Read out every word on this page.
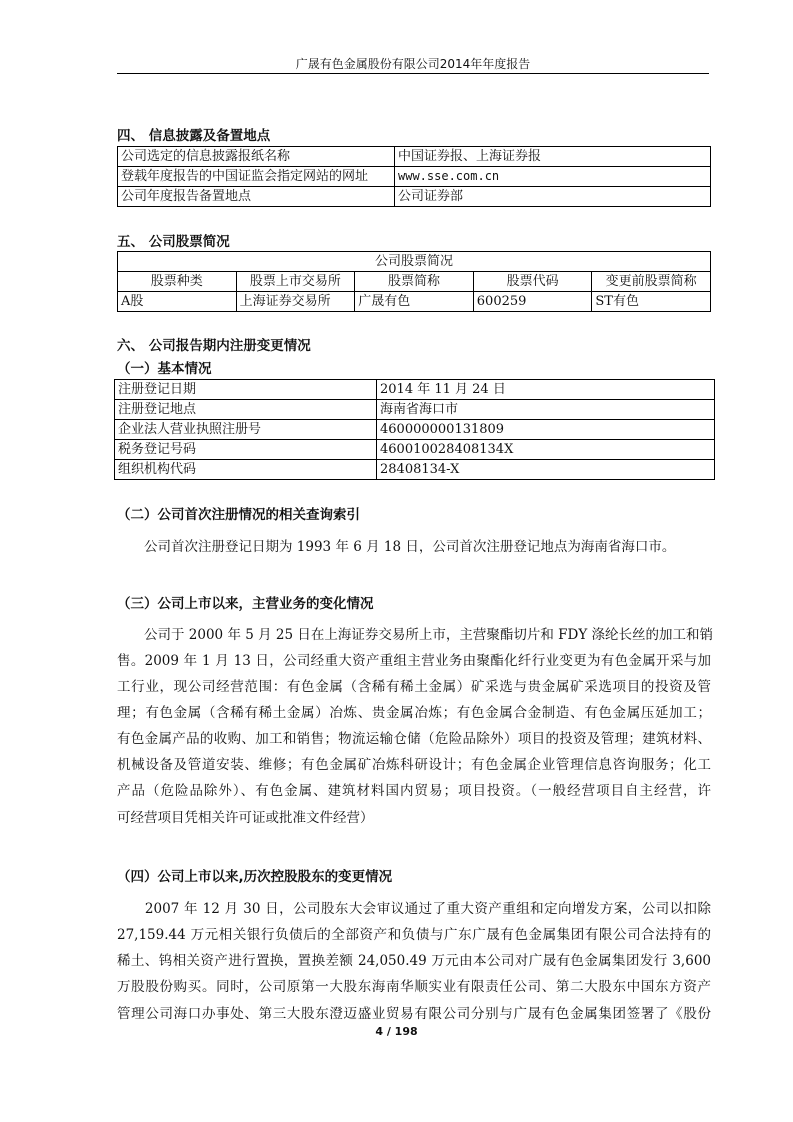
广晟有色金属股份有限公司2014年年度报告
四、 信息披露及备置地点
公司选定的信息披露报纸名称	中国证券报、上海证券报
登载年度报告的中国证监会指定网站的网址	www.sse.com.cn
公司年度报告备置地点	公司证券部
五、 公司股票简况
公司股票简况				
股票种类	股票上市交易所	股票简称	股票代码	变更前股票简称
A股	上海证券交易所	广晟有色	600259	ST有色
六、 公司报告期内注册变更情况
（一）基本情况
注册登记日期	2014 年 11 月 24 日
注册登记地点	海南省海口市
企业法人营业执照注册号	460000000131809
税务登记号码	460010028408134X
组织机构代码	28408134-X
（二）公司首次注册情况的相关查询索引
　　公司首次注册登记日期为 1993 年 6 月 18 日，公司首次注册登记地点为海南省海口市。
（三）公司上市以来，主营业务的变化情况
　　公司于 2000 年 5 月 25 日在上海证券交易所上市，主营聚酯切片和 FDY 涤纶长丝的加工和销
售。2009 年 1 月 13 日，公司经重大资产重组主营业务由聚酯化纤行业变更为有色金属开采与加
工行业，现公司经营范围：有色金属（含稀有稀土金属）矿采选与贵金属矿采选项目的投资及管
理；有色金属（含稀有稀土金属）冶炼、贵金属冶炼；有色金属合金制造、有色金属压延加工；
有色金属产品的收购、加工和销售；物流运输仓储（危险品除外）项目的投资及管理；建筑材料、
机械设备及管道安装、维修；有色金属矿冶炼科研设计；有色金属企业管理信息咨询服务；化工
产品（危险品除外）、有色金属、建筑材料国内贸易；项目投资。（一般经营项目自主经营，许
可经营项目凭相关许可证或批准文件经营）
（四）公司上市以来,历次控股股东的变更情况
　　2007 年 12 月 30 日，公司股东大会审议通过了重大资产重组和定向增发方案，公司以扣除
27,159.44 万元相关银行负债后的全部资产和负债与广东广晟有色金属集团有限公司合法持有的
稀土、钨相关资产进行置换，置换差额 24,050.49 万元由本公司对广晟有色金属集团发行 3,600
万股股份购买。同时，公司原第一大股东海南华顺实业有限责任公司、第二大股东中国东方资产
管理公司海口办事处、第三大股东澄迈盛业贸易有限公司分别与广晟有色金属集团签署了《股份
4 / 198
